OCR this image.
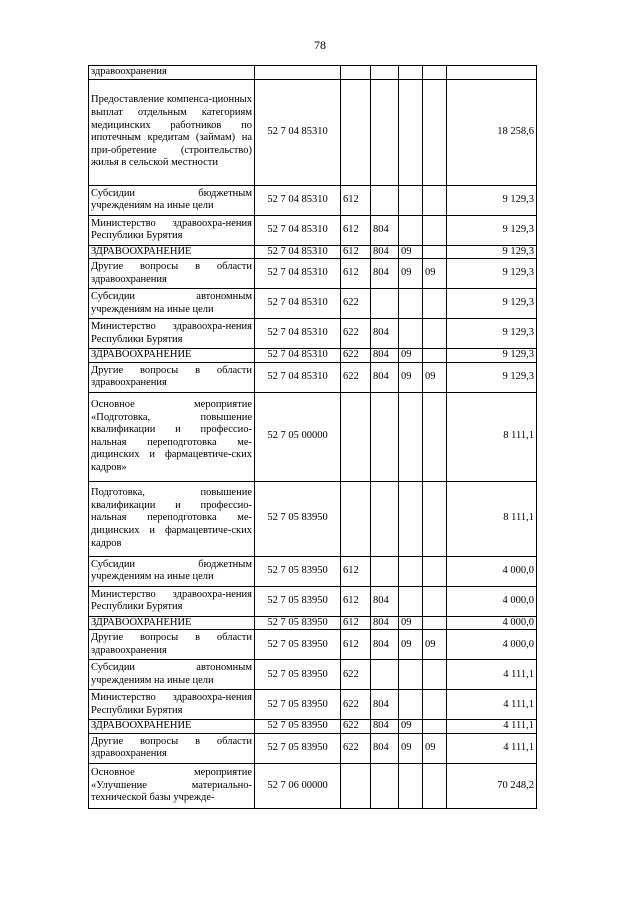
78
здравоохранения						
Предоставление компенса-ционных выплат отдельным категориям медицинских работников по ипотечным кредитам (займам) на при-обретение (строительство) жилья в сельской местности	52 7 04 85310					18 258,6
Субсидии бюджетным учреждениям на иные цели	52 7 04 85310	612				9 129,3
Министерство здравоохра-нения Республики Бурятия	52 7 04 85310	612	804			9 129,3
ЗДРАВООХРАНЕНИЕ	52 7 04 85310	612	804	09		9 129,3
Другие вопросы в области здравоохранения	52 7 04 85310	612	804	09	09	9 129,3
Субсидии автономным учреждениям на иные цели	52 7 04 85310	622				9 129,3
Министерство здравоохра-нения Республики Бурятия	52 7 04 85310	622	804			9 129,3
ЗДРАВООХРАНЕНИЕ	52 7 04 85310	622	804	09		9 129,3
Другие вопросы в области здравоохранения	52 7 04 85310	622	804	09	09	9 129,3
Основное мероприятие «Подготовка, повышение квалификации и профессио-нальная переподготовка ме-дицинских и фармацевтиче-ских кадров»	52 7 05 00000					8 111,1
Подготовка, повышение квалификации и профессио-нальная переподготовка ме-дицинских и фармацевтиче-ских кадров	52 7 05 83950					8 111,1
Субсидии бюджетным учреждениям на иные цели	52 7 05 83950	612				4 000,0
Министерство здравоохра-нения Республики Бурятия	52 7 05 83950	612	804			4 000,0
ЗДРАВООХРАНЕНИЕ	52 7 05 83950	612	804	09		4 000,0
Другие вопросы в области здравоохранения	52 7 05 83950	612	804	09	09	4 000,0
Субсидии автономным учреждениям на иные цели	52 7 05 83950	622				4 111,1
Министерство здравоохра-нения Республики Бурятия	52 7 05 83950	622	804			4 111,1
ЗДРАВООХРАНЕНИЕ	52 7 05 83950	622	804	09		4 111,1
Другие вопросы в области здравоохранения	52 7 05 83950	622	804	09	09	4 111,1
Основное мероприятие «Улучшение материально-технической базы учрежде-	52 7 06 00000					70 248,2
